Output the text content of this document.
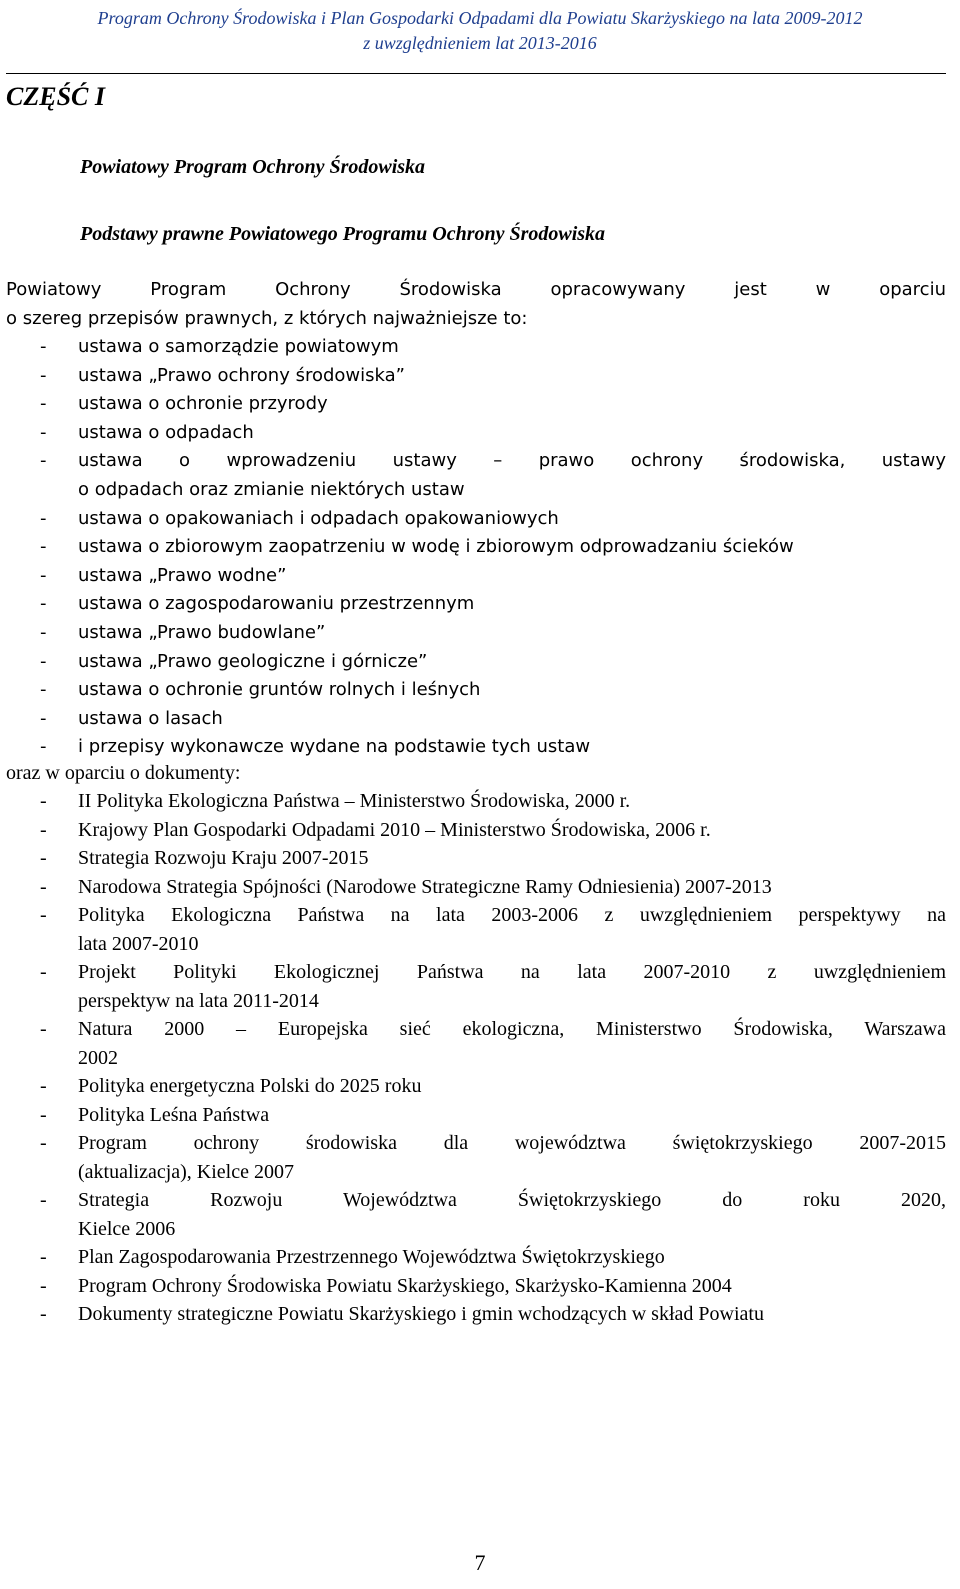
Program Ochrony Środowiska i Plan Gospodarki Odpadami dla Powiatu Skarżyskiego na lata 2009-2012
z uwzględnieniem lat 2013-2016
CZĘŚĆ I
Powiatowy Program Ochrony Środowiska
Podstawy prawne Powiatowego Programu Ochrony Środowiska

Powiatowy Program Ochrony Środowiska opracowywany jest w oparciu
o szereg przepisów prawnych, z których najważniejsze to:

- ustawa o samorządzie powiatowym
- ustawa „Prawo ochrony środowiska”
- ustawa o ochronie przyrody
- ustawa o odpadach
- ustawa o wprowadzeniu ustawy – prawo ochrony środowiska, ustawy
o odpadach oraz zmianie niektórych ustaw
- ustawa o opakowaniach i odpadach opakowaniowych
- ustawa o zbiorowym zaopatrzeniu w wodę i zbiorowym odprowadzaniu ścieków
- ustawa „Prawo wodne”
- ustawa o zagospodarowaniu przestrzennym
- ustawa „Prawo budowlane”
- ustawa „Prawo geologiczne i górnicze”
- ustawa o ochronie gruntów rolnych i leśnych
- ustawa o lasach
- i przepisy wykonawcze wydane na podstawie tych ustaw
oraz w oparciu o dokumenty:
- II Polityka Ekologiczna Państwa – Ministerstwo Środowiska, 2000 r.
- Krajowy Plan Gospodarki Odpadami 2010 – Ministerstwo Środowiska, 2006 r.
- Strategia Rozwoju Kraju 2007-2015
- Narodowa Strategia Spójności (Narodowe Strategiczne Ramy Odniesienia) 2007-2013
- Polityka Ekologiczna Państwa na lata 2003-2006 z uwzględnieniem perspektywy na
lata 2007-2010
- Projekt Polityki Ekologicznej Państwa na lata 2007-2010 z uwzględnieniem
perspektyw na lata 2011-2014
- Natura 2000 – Europejska sieć ekologiczna, Ministerstwo Środowiska, Warszawa
2002
- Polityka energetyczna Polski do 2025 roku
- Polityka Leśna Państwa
- Program ochrony środowiska dla województwa świętokrzyskiego 2007-2015
(aktualizacja), Kielce 2007
- Strategia Rozwoju Województwa Świętokrzyskiego do roku 2020,
Kielce 2006
- Plan Zagospodarowania Przestrzennego Województwa Świętokrzyskiego
- Program Ochrony Środowiska Powiatu Skarżyskiego, Skarżysko-Kamienna 2004
- Dokumenty strategiczne Powiatu Skarżyskiego i gmin wchodzących w skład Powiatu
7
